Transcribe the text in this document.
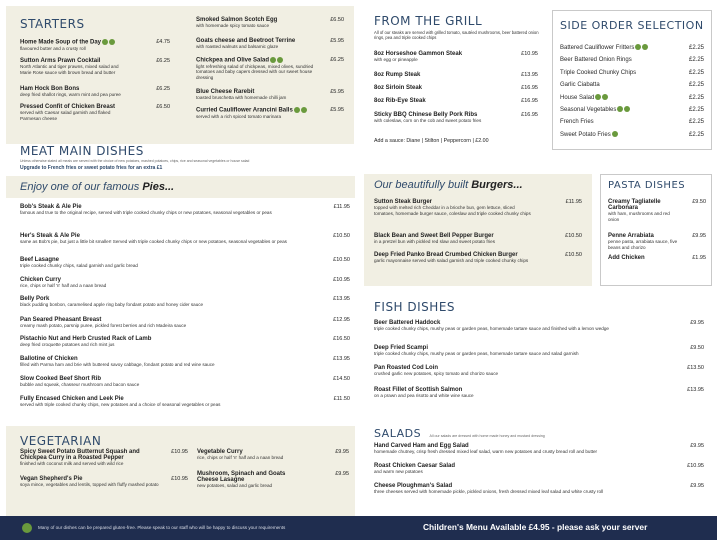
STARTERS
Home Made Soup of the Day
flavoured butter and a crusty roll
£4.75
Sutton Arms Prawn Cocktail
North Atlantic and tiger prawns, mixed salad and Marie Rose sauce with brown bread and butter
£6.25
Ham Hock Bon Bons
deep fried shallot rings, warm mint and pea puree
£6.25
Pressed Confit of Chicken Breast
served with Caesar salad garnish and flaked Parmesan cheese
£6.50
Smoked Salmon Scotch Egg
with homemade spicy tomato sauce
£6.50
Goats cheese and Beetroot Terrine
with roasted walnuts and balsamic glaze
£5.95
Chickpea and Olive Salad
light refreshing salad of chickpeas, mixed olives, sundried tomatoes and baby capers dressed with our sweet house dressing
£6.25
Blue Cheese Rarebit
toasted bruschetta with homemade chilli jam
£5.95
Curried Cauliflower Arancini Balls
served with a rich spiced tomato marinara
£5.95
FROM THE GRILL
All of our steaks are served with grilled tomato, sautéed mushrooms, beer battered onion rings, pea and triple cooked chips
8oz Horseshoe Gammon Steak
with egg or pineapple
£10.95
8oz Rump Steak	£13.95
8oz Sirloin Steak	£16.95
8oz Rib-Eye Steak	£16.95
Sticky BBQ Chinese Belly Pork Ribs
with coleslaw, corn on the cob and sweet potato fries
£16.95
Add a sauce: Diane | Stilton | Peppercorn | £2.00
SIDE ORDER SELECTION
Battered Cauliflower Fritters	£2.25
Beer Battered Onion Rings	£2.25
Triple Cooked Chunky Chips	£2.25
Garlic Ciabatta	£2.25
House Salad	£2.25
Seasonal Vegetables	£2.25
French Fries	£2.25
Sweet Potato Fries	£2.25
MEAT MAIN DISHES
Unless otherwise stated all meals are served with the choice of new potatoes, mashed potatoes, chips, rice and seasonal vegetables or house salad
Upgrade to French fries or sweet potato fries for an extra £1
Enjoy one of our famous Pies...
Bob's Steak & Ale Pie
famous and true to the original recipe, served with triple cooked chunky chips or new potatoes, seasonal vegetables or peas
£11.95
Her's Steak & Ale Pie
same as Bob's pie, but just a little bit smaller! Served with triple cooked chunky chips or new potatoes, seasonal vegetables or peas
£10.50
Beef Lasagne
triple cooked chunky chips, salad garnish and garlic bread
£10.50
Chicken Curry
rice, chips or half 'n' half and a naan bread
£10.95
Belly Pork
black pudding bonbon, caramelised apple ring baby fondant potato and honey cider sauce
£13.95
Pan Seared Pheasant Breast
creamy mash potato, parsnip puree, pickled forest berries and rich Madeira sauce
£12.95
Pistachio Nut and Herb Crusted Rack of Lamb
deep fried croquette potatoes and rich mint jus
£16.50
Ballotine of Chicken
filled with Parma ham and brie with buttered savoy cabbage, fondant potato and red wine sauce
£13.95
Slow Cooked Beef Short Rib
bubble and squeak, chasseur mushroom and bacon sauce
£14.50
Fully Encased Chicken and Leek Pie
served with triple cooked chunky chips, new potatoes and a choice of seasonal vegetables or peas
£11.50
VEGETARIAN
Spicy Sweet Potato Butternut Squash and Chickpea Curry in a Roasted Pepper
finished with coconut milk and served with wild rice
£10.95
Vegan Shepherd's Pie
soya mince, vegetables and lentils, topped with fluffy mashed potato
£10.95
Vegetable Curry
rice, chips or half 'n' half and a naan bread
£9.95
Mushroom, Spinach and Goats Cheese Lasagne
new potatoes, salad and garlic bread
£9.95
Our beautifully built Burgers...
Sutton Steak Burger
topped with melted rich Cheddar in a brioche bun, gem lettuce, sliced tomatoes, homemade burger sauce, coleslaw and triple cooked chunky chips
£11.95
Black Bean and Sweet Bell Pepper Burger
in a pretzel bun with pickled red slaw and sweet potato fries
£10.50
Deep Fried Panko Bread Crumbed Chicken Burger
garlic mayonnaise served with salad garnish and triple cooked chunky chips
£10.50
PASTA DISHES
Creamy Tagliatelle Carbonara
with ham, mushrooms and red onion
£9.50
Penne Arrabiata
penne pasta, arrabiata sauce, five beans and chorizo
£9.95
Add Chicken	£1.95
FISH DISHES
Beer Battered Haddock
triple cooked chunky chips, mushy peas or garden peas, homemade tartare sauce and finished with a lemon wedge
£9.95
Deep Fried Scampi
triple cooked chunky chips, mushy peas or garden peas, homemade tartare sauce and salad garnish
£9.50
Pan Roasted Cod Loin
crushed garlic new potatoes, spicy tomato and chorizo sauce
£13.50
Roast Fillet of Scottish Salmon
on a prawn and pea risotto and white wine sauce
£13.95
SALADS All our salads are dressed with home made honey and mustard dressing
Hand Carved Ham and Egg Salad
homemade chutney, crisp fresh dressed mixed leaf salad, warm new potatoes and crusty bread roll and butter
£9.95
Roast Chicken Caesar Salad
and warm new potatoes
£10.95
Cheese Ploughman's Salad
three cheeses served with homemade pickle, pickled onions, fresh dressed mixed leaf salad and white crusty roll
£9.95
Many of our dishes can be prepared gluten-free. Please speak to our staff who will be happy to discuss your requirements	Children's Menu Available £4.95 - please ask your server
